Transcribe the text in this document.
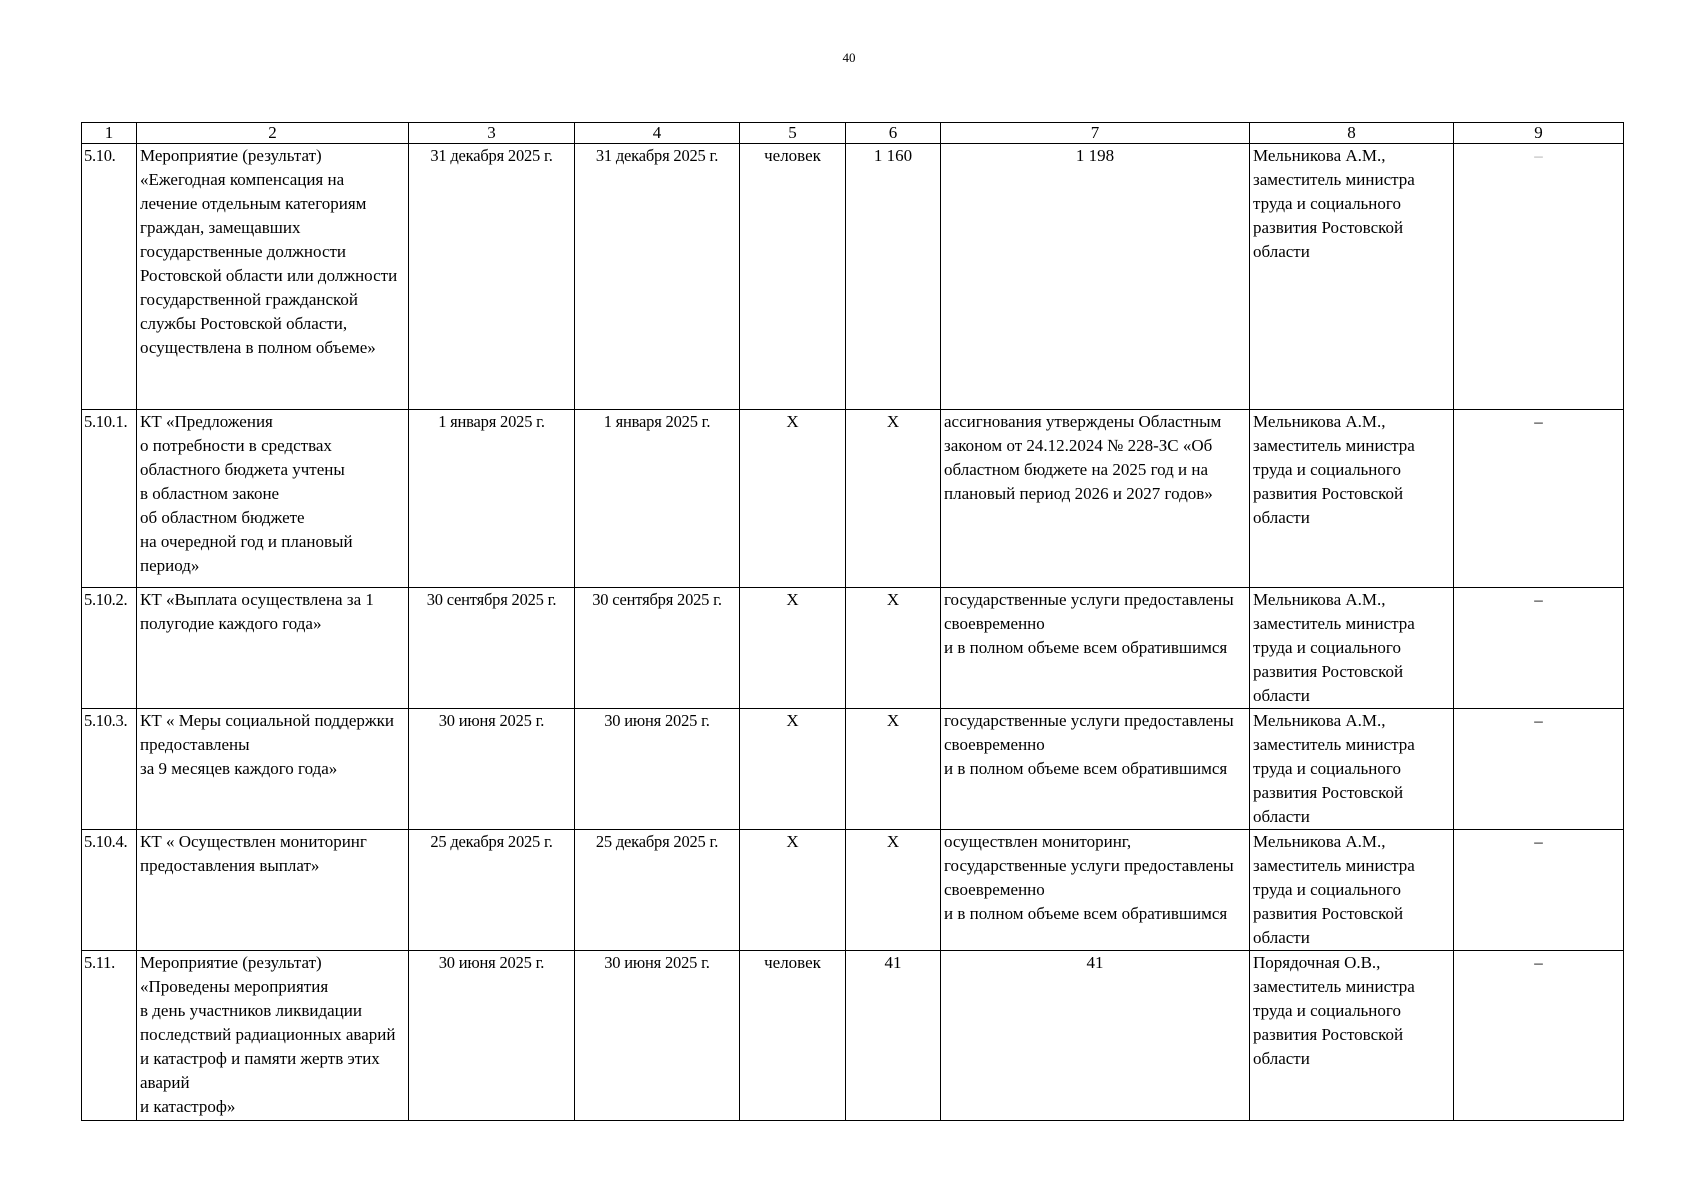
40
1	2	3	4	5	6	7	8	9
5.10.	Мероприятие (результат)
«Ежегодная компенсация на лечение отдельным категориям граждан, замещавших государственные должности Ростовской области или должности государственной гражданской службы Ростовской области, осуществлена в полном объеме»	31 декабря 2025 г.	31 декабря 2025 г.	человек	1 160	1 198	Мельникова А.М., заместитель министра труда и социального развития Ростовской области	–
5.10.1.	КТ «Предложения
о потребности в средствах областного бюджета учтены
в областном законе
об областном бюджете
на очередной год и плановый период»	1 января 2025 г.	1 января 2025 г.	Х	Х	ассигнования утверждены Областным законом от 24.12.2024 № 228-ЗС «Об областном бюджете на 2025 год и на плановый период 2026 и 2027 годов»	Мельникова А.М., заместитель министра труда и социального развития Ростовской области	–
5.10.2.	КТ «Выплата осуществлена за 1 полугодие каждого года»	30 сентября 2025 г.	30 сентября 2025 г.	Х	Х	государственные услуги предоставлены своевременно
и в полном объеме всем обратившимся	Мельникова А.М., заместитель министра труда и социального развития Ростовской области	–
5.10.3.	КТ « Меры социальной поддержки предоставлены
за 9 месяцев каждого года»	30 июня 2025 г.	30 июня 2025 г.	Х	Х	государственные услуги предоставлены своевременно
и в полном объеме всем обратившимся	Мельникова А.М., заместитель министра труда и социального развития Ростовской области	–
5.10.4.	КТ « Осуществлен мониторинг предоставления выплат»	25 декабря 2025 г.	25 декабря 2025 г.	Х	Х	осуществлен мониторинг, государственные услуги предоставлены своевременно
и в полном объеме всем обратившимся	Мельникова А.М., заместитель министра труда и социального развития Ростовской области	–
5.11.	Мероприятие (результат)
«Проведены мероприятия
в день участников ликвидации последствий радиационных аварий и катастроф и памяти жертв этих аварий
и катастроф»	30 июня 2025 г.	30 июня 2025 г.	человек	41	41	Порядочная О.В., заместитель министра труда и социального развития Ростовской области	–
